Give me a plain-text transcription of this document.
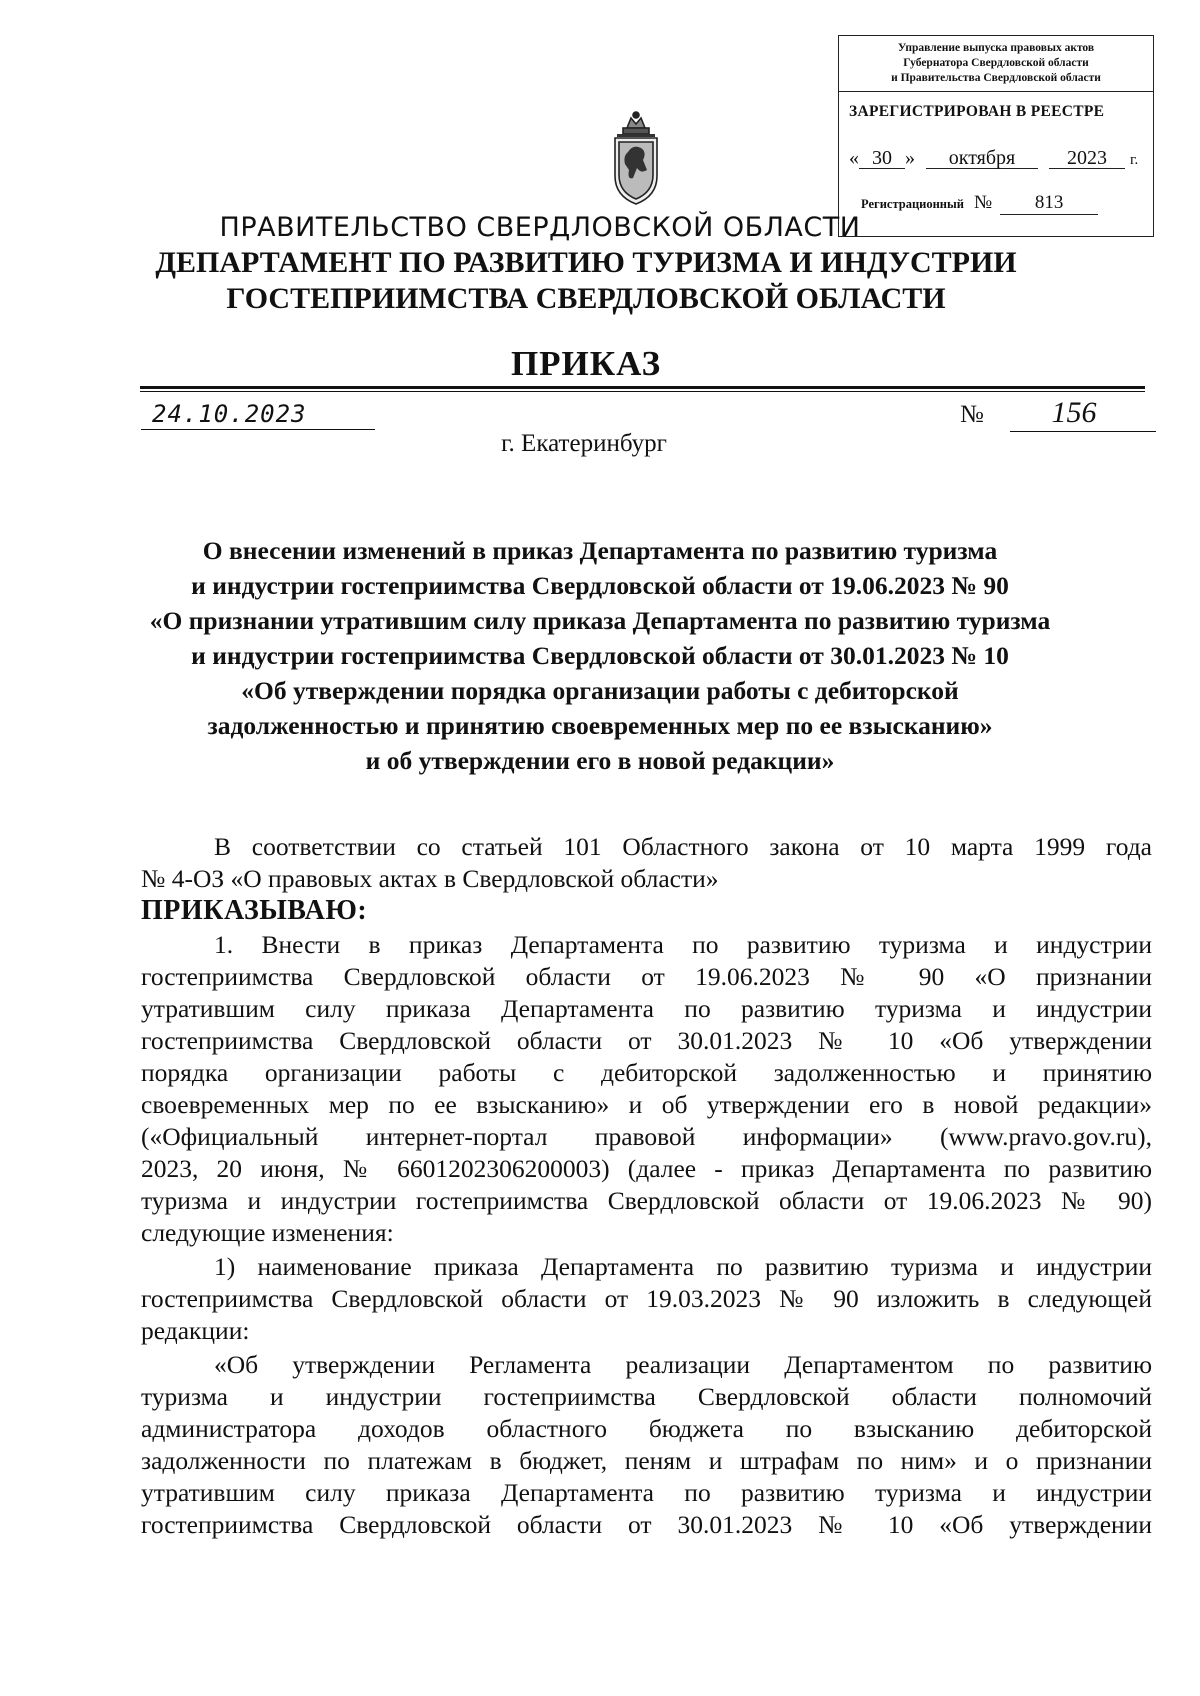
Управление выпуска правовых актов
Губернатора Свердловской области
и Правительства Свердловской области
ЗАРЕГИСТРИРОВАН В РЕЕСТРЕ
« 30 » октября	2023 г.
Регистрационный № 813
ПРАВИТЕЛЬСТВО СВЕРДЛОВСКОЙ ОБЛАСТИ
ДЕПАРТАМЕНТ ПО РАЗВИТИЮ ТУРИЗМА И ИНДУСТРИИ
ГОСТЕПРИИМСТВА СВЕРДЛОВСКОЙ ОБЛАСТИ
ПРИКАЗ
24.10.2023	№	156
г. Екатеринбург
О внесении изменений в приказ Департамента по развитию туризма
и индустрии гостеприимства Свердловской области от 19.06.2023 № 90
«О признании утратившим силу приказа Департамента по развитию туризма
и индустрии гостеприимства Свердловской области от 30.01.2023 № 10
«Об утверждении порядка организации работы с дебиторской
задолженностью и принятию своевременных мер по ее взысканию»
и об утверждении его в новой редакции»
В соответствии со статьей 101 Областного закона от 10 марта 1999 года
№ 4-ОЗ «О правовых актах в Свердловской области»
ПРИКАЗЫВАЮ:
1. Внести в приказ Департамента по развитию туризма и индустрии
гостеприимства Свердловской области от 19.06.2023 № 90 «О признании
утратившим силу приказа Департамента по развитию туризма и индустрии
гостеприимства Свердловской области от 30.01.2023 № 10 «Об утверждении
порядка организации работы с дебиторской задолженностью и принятию
своевременных мер по ее взысканию» и об утверждении его в новой редакции»
(«Официальный интернет-портал правовой информации» (www.pravo.gov.ru),
2023, 20 июня, № 6601202306200003) (далее - приказ Департамента по развитию
туризма и индустрии гостеприимства Свердловской области от 19.06.2023 № 90)
следующие изменения:
1) наименование приказа Департамента по развитию туризма и индустрии
гостеприимства Свердловской области от 19.03.2023 № 90 изложить в следующей
редакции:
«Об утверждении Регламента реализации Департаментом по развитию
туризма и индустрии гостеприимства Свердловской области полномочий
администратора доходов областного бюджета по взысканию дебиторской
задолженности по платежам в бюджет, пеням и штрафам по ним» и о признании
утратившим силу приказа Департамента по развитию туризма и индустрии
гостеприимства Свердловской области от 30.01.2023 № 10 «Об утверждении
